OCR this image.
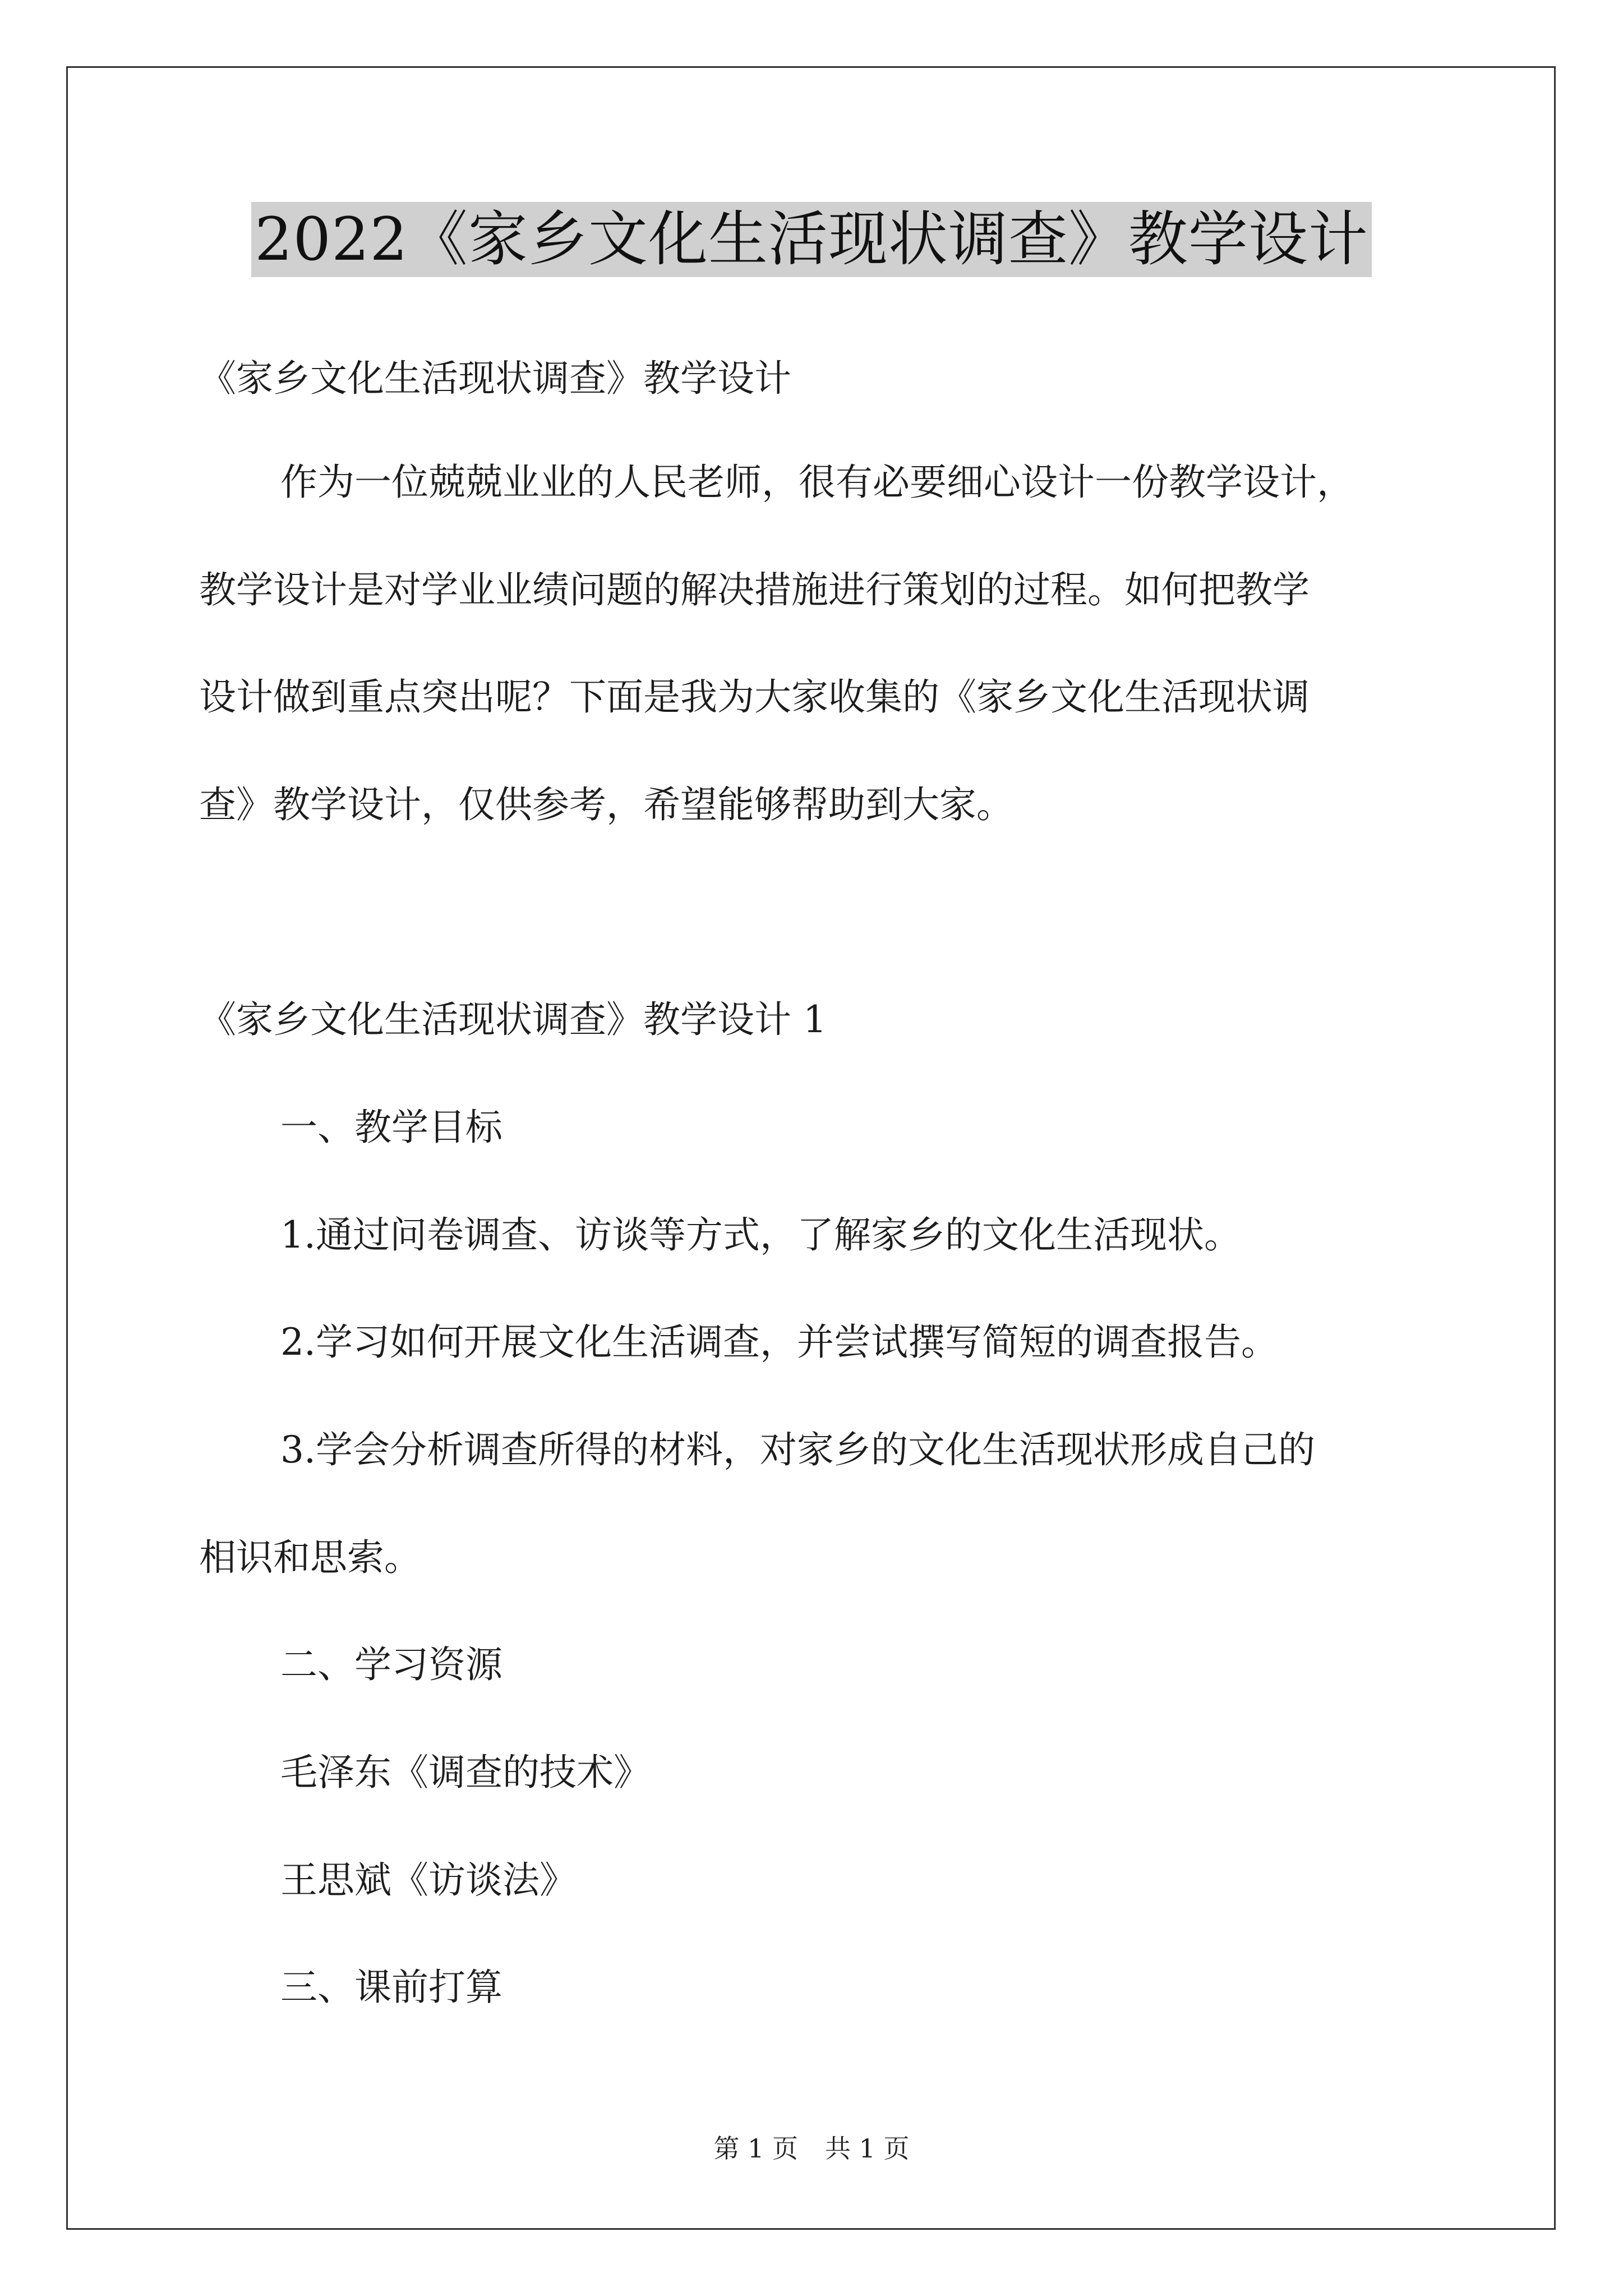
2022《家乡文化生活现状调查》教学设计
《家乡文化生活现状调查》教学设计
作为一位兢兢业业的人民老师，很有必要细心设计一份教学设计，
教学设计是对学业业绩问题的解决措施进行策划的过程。如何把教学
设计做到重点突出呢？下面是我为大家收集的《家乡文化生活现状调
查》教学设计，仅供参考，希望能够帮助到大家。
《家乡文化生活现状调查》教学设计 1
一、教学目标
1.通过问卷调查、访谈等方式，了解家乡的文化生活现状。
2.学习如何开展文化生活调查，并尝试撰写简短的调查报告。
3.学会分析调查所得的材料，对家乡的文化生活现状形成自己的
相识和思索。
二、学习资源
毛泽东《调查的技术》
王思斌《访谈法》
三、课前打算
第 1 页 共 1 页
